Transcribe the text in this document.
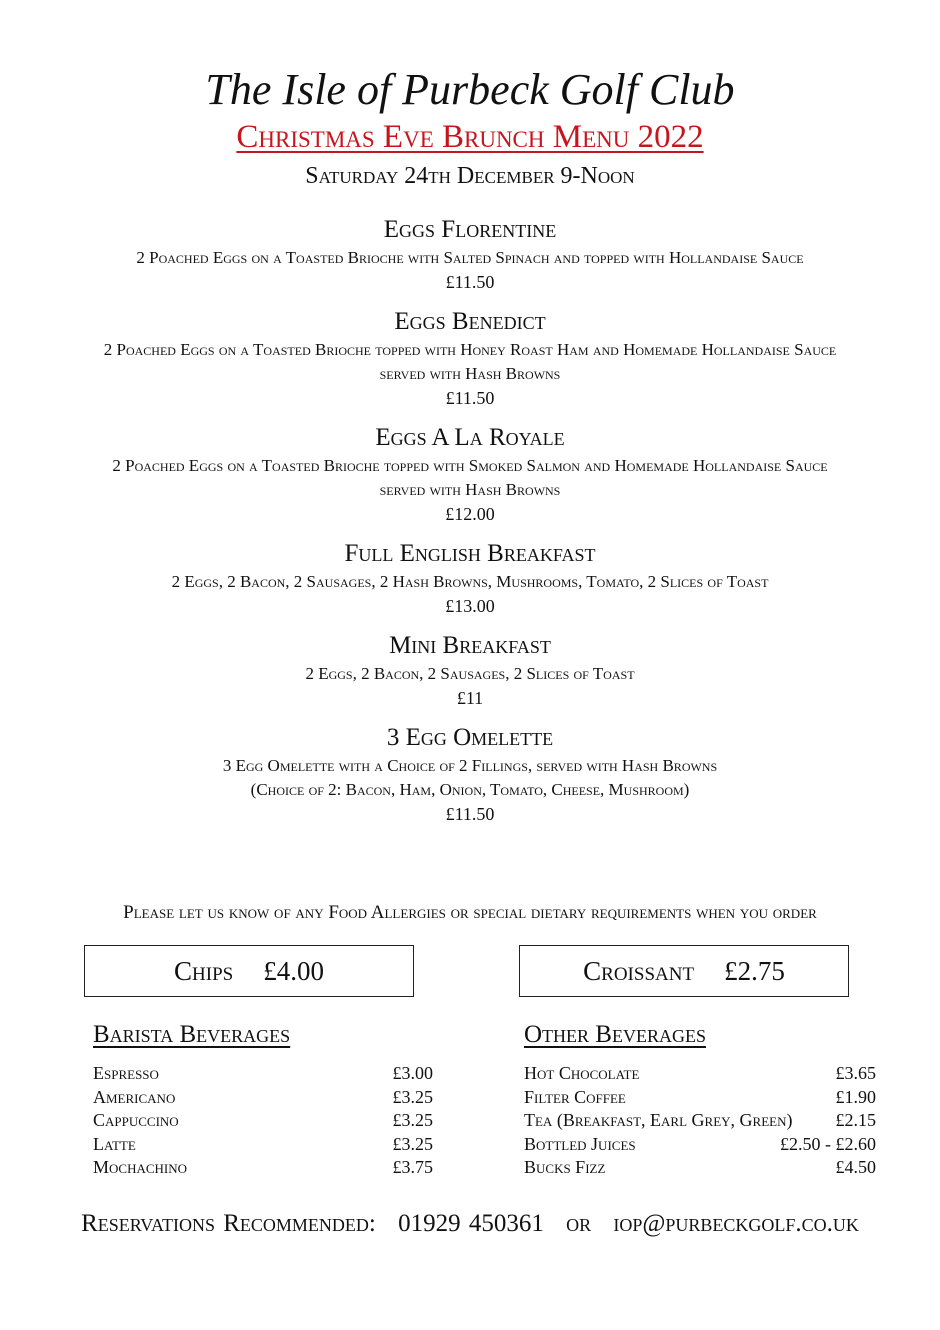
The Isle of Purbeck Golf Club
Christmas Eve Brunch Menu 2022
Saturday 24th December 9-Noon
Eggs Florentine
2 Poached Eggs on a Toasted Brioche with Salted Spinach and topped with Hollandaise Sauce
£11.50
Eggs Benedict
2 Poached Eggs on a Toasted Brioche topped with Honey Roast Ham and Homemade Hollandaise Sauce
served with Hash Browns
£11.50
Eggs A La Royale
2 Poached Eggs on a Toasted Brioche topped with Smoked Salmon and Homemade Hollandaise Sauce
served with Hash Browns
£12.00
Full English Breakfast
2 Eggs, 2 Bacon, 2 Sausages, 2 Hash Browns, Mushrooms, Tomato, 2 Slices of Toast
£13.00
Mini Breakfast
2 Eggs, 2 Bacon, 2 Sausages, 2 Slices of Toast
£11
3 Egg Omelette
3 Egg Omelette with a Choice of 2 Fillings, served with Hash Browns
(Choice of 2: Bacon, Ham, Onion, Tomato, Cheese, Mushroom)
£11.50
Please let us know of any Food Allergies or special dietary requirements when you order
Chips £4.00	Croissant £2.75
Barista Beverages
Espresso	£3.00
Americano	£3.25
Cappuccino	£3.25
Latte	£3.25
Mochachino	£3.75
Other Beverages
Hot Chocolate	£3.65
Filter Coffee	£1.90
Tea (Breakfast, Earl Grey, Green) £2.15
Bottled Juices	£2.50 - £2.60
Bucks Fizz	£4.50
Reservations Recommended: 01929 450361 or iop@purbeckgolf.co.uk
